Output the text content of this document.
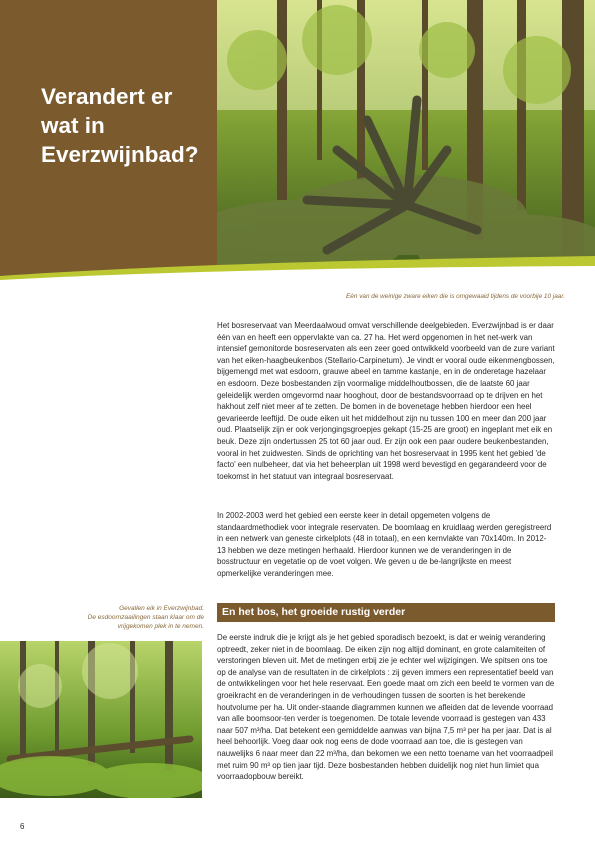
Verandert er
wat in
Everzwijnbad?
Eén van de weinige zware eiken die is omgewaaid tijdens de voorbije 10 jaar.

Het bosreservaat van Meerdaalwoud omvat verschillende deelgebieden. Everzwijnbad is er daar één van en heeft een oppervlakte van ca. 27 ha. Het werd opgenomen in het net-werk van intensief gemonitorde bosreservaten als een zeer goed ontwikkeld voorbeeld van de zure variant van het eiken-haagbeukenbos (Stellario-Carpinetum). Je vindt er vooral oude eikenmengbossen, bijgemengd met wat esdoorn, grauwe abeel en tamme kastanje, en in de onderetage hazelaar en esdoorn. Deze bosbestanden zijn voormalige middelhoutbossen, die de laatste 60 jaar geleidelijk werden omgevormd naar hooghout, door de bestandsvoorraad op te drijven en het hakhout zelf niet meer af te zetten. De bomen in de bovenetage hebben hierdoor een heel gevarieerde leeftijd. De oude eiken uit het middelhout zijn nu tussen 100 en meer dan 200 jaar oud. Plaatselijk zijn er ook verjongingsgroepjes gekapt (15-25 are groot) en ingeplant met eik en beuk. Deze zijn ondertussen 25 tot 60 jaar oud. Er zijn ook een paar oudere beukenbestanden, vooral in het zuidwesten. Sinds de oprichting van het bosreservaat in 1995 kent het gebied 'de facto' een nulbeheer, dat via het beheerplan uit 1998 werd bevestigd en gegarandeerd voor de toekomst in het statuut van integraal bosreservaat.

In 2002-2003 werd het gebied een eerste keer in detail opgemeten volgens de standaardmethodiek voor integrale reservaten. De boomlaag en kruidlaag werden geregistreerd in een netwerk van geneste cirkelplots (48 in totaal), en een kernvlakte van 70x140m. In 2012-13 hebben we deze metingen herhaald. Hierdoor kunnen we de veranderingen in de bosstructuur en vegetatie op de voet volgen. We geven u de be-langrijkste en meest opmerkelijke veranderingen mee.

Gevallen eik in Everzwijnbad.
De esdoornzaailingen staan klaar om de
vrijgekomen plek in te nemen.
En het bos, het groeide rustig verder

De eerste indruk die je krijgt als je het gebied sporadisch bezoekt, is dat er weinig verandering optreedt, zeker niet in de boomlaag. De eiken zijn nog altijd dominant, en grote calamiteiten of verstoringen bleven uit. Met de metingen erbij zie je echter wel wijzigingen. We spitsen ons toe op de analyse van de resultaten in de cirkelplots : zij geven immers een representatief beeld van de ontwikkelingen voor het hele reservaat. Een goede maat om zich een beeld te vormen van de groeikracht en de veranderingen in de verhoudingen tussen de soorten is het berekende houtvolume per ha. Uit onder-staande diagrammen kunnen we afleiden dat de levende voorraad van alle boomsoor-ten verder is toegenomen. De totale levende voorraad is gestegen van 433 naar 507 m³/ha. Dat betekent een gemiddelde aanwas van bijna 7,5 m³ per ha per jaar. Dat is al heel behoorlijk. Voeg daar ook nog eens de dode voorraad aan toe, die is gestegen van nauwelijks 6 naar meer dan 22 m³/ha, dan bekomen we een netto toename van het voorraadpeil met ruim 90 m³ op tien jaar tijd. Deze bosbestanden hebben duidelijk nog niet hun limiet qua voorraadopbouw bereikt.

6
